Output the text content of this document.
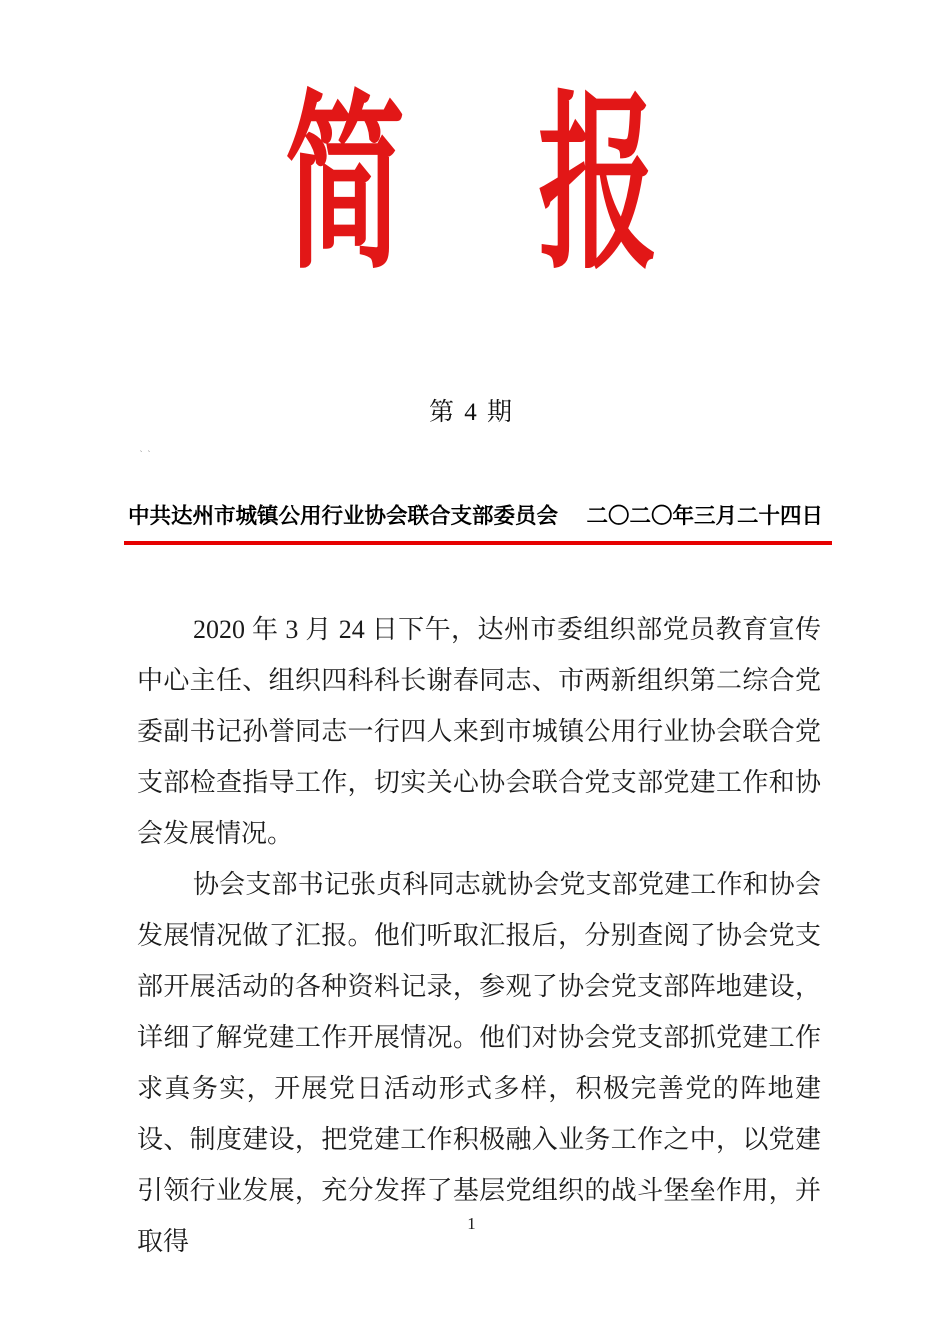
简 报
第 4 期
``
中共达州市城镇公用行业协会联合支部委员会 二〇二〇年三月二十四日

2020 年 3 月 24 日下午，达州市委组织部党员教育宣传中心主任、组织四科科长谢春同志、市两新组织第二综合党委副书记孙誉同志一行四人来到市城镇公用行业协会联合党支部检查指导工作，切实关心协会联合党支部党建工作和协会发展情况。

协会支部书记张贞科同志就协会党支部党建工作和协会发展情况做了汇报。他们听取汇报后，分别查阅了协会党支部开展活动的各种资料记录，参观了协会党支部阵地建设，详细了解党建工作开展情况。他们对协会党支部抓党建工作求真务实，开展党日活动形式多样，积极完善党的阵地建设、制度建设，把党建工作积极融入业务工作之中，以党建引领行业发展，充分发挥了基层党组织的战斗堡垒作用，并取得

1
